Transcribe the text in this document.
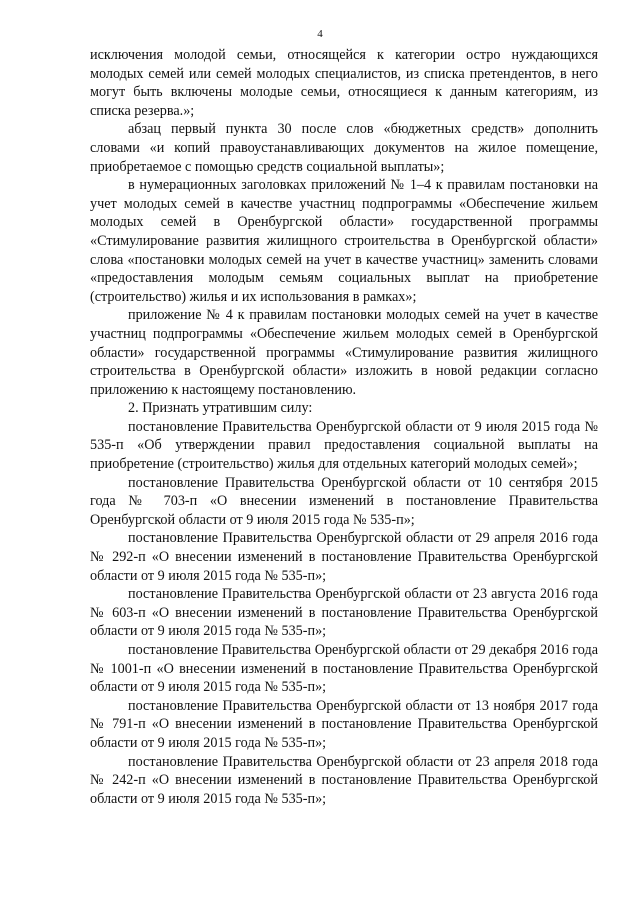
4

исключения молодой семьи, относящейся к категории остро нуждающихся молодых семей или семей молодых специалистов, из списка претендентов, в него могут быть включены молодые семьи, относящиеся к данным категориям, из списка резерва.»;

абзац первый пункта 30 после слов «бюджетных средств» дополнить словами «и копий правоустанавливающих документов на жилое помещение, приобретаемое с помощью средств социальной выплаты»;

в нумерационных заголовках приложений № 1–4 к правилам постановки на учет молодых семей в качестве участниц подпрограммы «Обеспечение жильем молодых семей в Оренбургской области» государственной программы «Стимулирование развития жилищного строительства в Оренбургской области» слова «постановки молодых семей на учет в качестве участниц» заменить словами «предоставления молодым семьям социальных выплат на приобретение (строительство) жилья и их использования в рамках»;

приложение № 4 к правилам постановки молодых семей на учет в качестве участниц подпрограммы «Обеспечение жильем молодых семей в Оренбургской области» государственной программы «Стимулирование развития жилищного строительства в Оренбургской области» изложить в новой редакции согласно приложению к настоящему постановлению.

2. Признать утратившим силу:

постановление Правительства Оренбургской области от 9 июля 2015 года № 535-п «Об утверждении правил предоставления социальной выплаты на приобретение (строительство) жилья для отдельных категорий молодых семей»;

постановление Правительства Оренбургской области от 10 сентября 2015 года № 703-п «О внесении изменений в постановление Правительства Оренбургской области от 9 июля 2015 года № 535-п»;

постановление Правительства Оренбургской области от 29 апреля 2016 года № 292-п «О внесении изменений в постановление Правительства Оренбургской области от 9 июля 2015 года № 535-п»;

постановление Правительства Оренбургской области от 23 августа 2016 года № 603-п «О внесении изменений в постановление Правительства Оренбургской области от 9 июля 2015 года № 535-п»;

постановление Правительства Оренбургской области от 29 декабря 2016 года № 1001-п «О внесении изменений в постановление Правительства Оренбургской области от 9 июля 2015 года № 535-п»;

постановление Правительства Оренбургской области от 13 ноября 2017 года № 791-п «О внесении изменений в постановление Правительства Оренбургской области от 9 июля 2015 года № 535-п»;

постановление Правительства Оренбургской области от 23 апреля 2018 года № 242-п «О внесении изменений в постановление Правительства Оренбургской области от 9 июля 2015 года № 535-п»;
